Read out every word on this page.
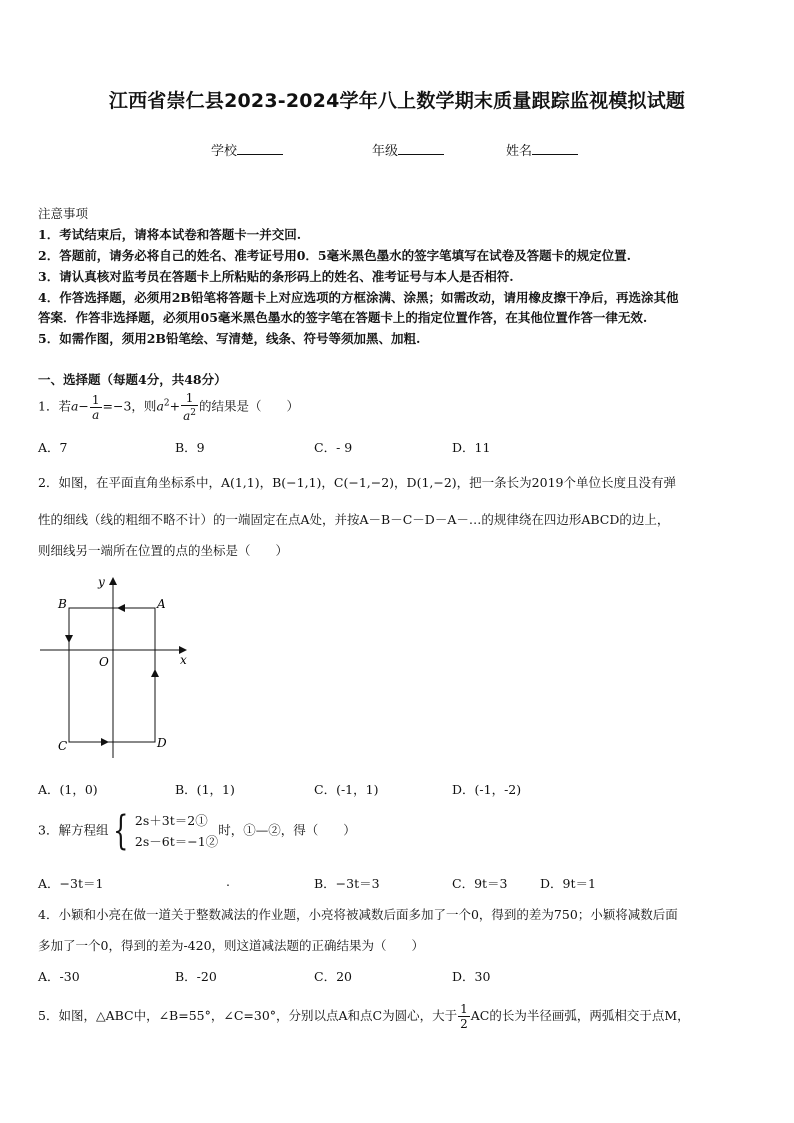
江西省崇仁县2023-2024学年八上数学期末质量跟踪监视模拟试题
学校	年级	姓名
注意事项
1．考试结束后，请将本试卷和答题卡一并交回.
2．答题前，请务必将自己的姓名、准考证号用0．5毫米黑色墨水的签字笔填写在试卷及答题卡的规定位置.
3．请认真核对监考员在答题卡上所粘贴的条形码上的姓名、准考证号与本人是否相符.
4．作答选择题，必须用2B铅笔将答题卡上对应选项的方框涂满、涂黑；如需改动，请用橡皮擦干净后，再选涂其他
答案．作答非选择题，必须用05毫米黑色墨水的签字笔在答题卡上的指定位置作答，在其他位置作答一律无效.
5．如需作图，须用2B铅笔绘、写清楚，线条、符号等须加黑、加粗.
一、选择题（每题4分，共48分）
1．若$a- \frac{1}{a} =-3$，则$a^2+ \frac{1}{a^2}$ 的结果是（　　）
A．7	B．9	C．- 9	D．11
2．如图，在平面直角坐标系中，A(1,1)，B(−1,1)，C(−1,−2)，D(1,−2)，把一条长为2019个单位长度且没有弹
性的细线（线的粗细不略不计）的一端固定在点A处，并按A－B－C－D－A－…的规律绕在四边形ABCD的边上，
则细线另一端所在位置的点的坐标是（　　）
A
B
C	D
O	x
y
A．(1，0)	B．(1，1)	C．(-1，1)	D．(-1，-2)
3．解方程组 { 2s＋3t＝2①
2s－6t＝−1②
时，①—②，得（　　）
A．−3t＝1	.	B．−3t＝3	C．9t＝3	D．9t＝1
4．小颖和小亮在做一道关于整数减法的作业题，小亮将被减数后面多加了一个0，得到的差为750；小颖将减数后面
多加了一个0，得到的差为-420，则这道减法题的正确结果为（　　）
A．-30	B．-20	C．20	D．30
5．如图，△ABC中，∠B=55°，∠C=30°，分别以点A和点C为圆心，大于 $\frac{1}{2}$ AC的长为半径画弧，两弧相交于点M，
